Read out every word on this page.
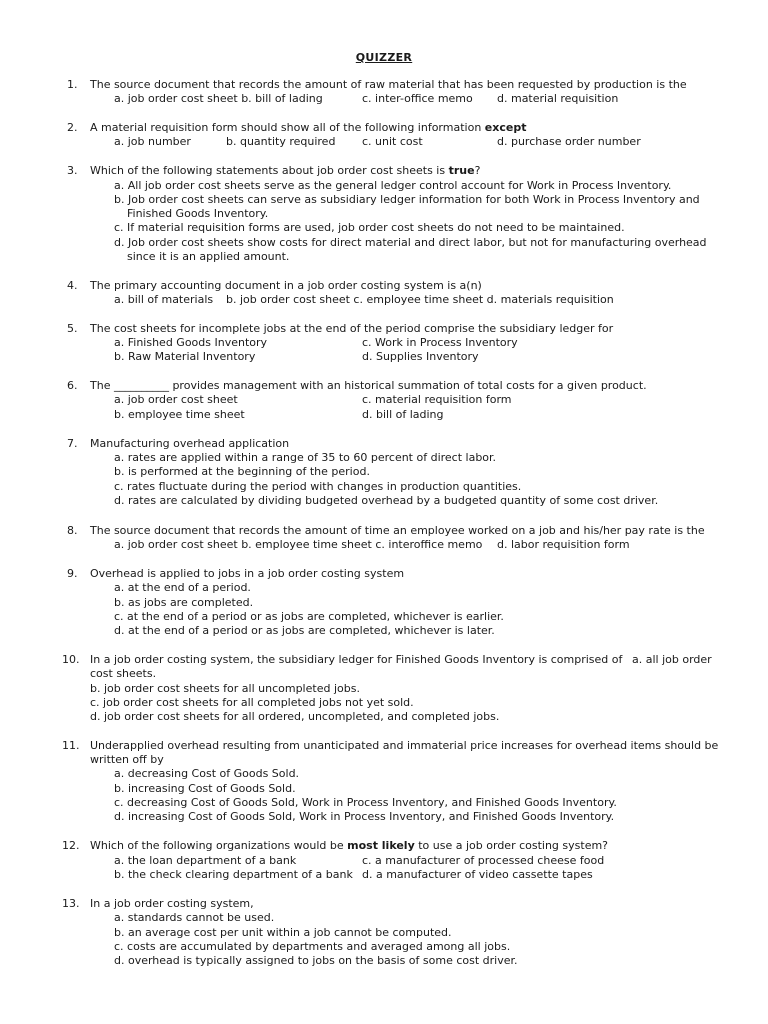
QUIZZER
1. The source document that records the amount of raw material that has been requested by production is the
a. job order cost sheet b. bill of lading	c. inter-office memo d. material requisition
2. A material requisition form should show all of the following information except
a. job number	b. quantity required c. unit cost	d. purchase order number
3. Which of the following statements about job order cost sheets is true?
a. All job order cost sheets serve as the general ledger control account for Work in Process Inventory.
b. Job order cost sheets can serve as subsidiary ledger information for both Work in Process Inventory and
Finished Goods Inventory.
c. If material requisition forms are used, job order cost sheets do not need to be maintained.
d. Job order cost sheets show costs for direct material and direct labor, but not for manufacturing overhead
since it is an applied amount.
4. The primary accounting document in a job order costing system is a(n)
a. bill of materials b. job order cost sheet c. employee time sheet d. materials requisition
5. The cost sheets for incomplete jobs at the end of the period comprise the subsidiary ledger for
a. Finished Goods Inventory	c. Work in Process Inventory
b. Raw Material Inventory	d. Supplies Inventory
6. The __________ provides management with an historical summation of total costs for a given product.
a. job order cost sheet	c. material requisition form
b. employee time sheet	d. bill of lading
7. Manufacturing overhead application
a. rates are applied within a range of 35 to 60 percent of direct labor.
b. is performed at the beginning of the period.
c. rates fluctuate during the period with changes in production quantities.
d. rates are calculated by dividing budgeted overhead by a budgeted quantity of some cost driver.
8. The source document that records the amount of time an employee worked on a job and his/her pay rate is the
a. job order cost sheet b. employee time sheet c. interoffice memo d. labor requisition form
9. Overhead is applied to jobs in a job order costing system
a. at the end of a period.
b. as jobs are completed.
c. at the end of a period or as jobs are completed, whichever is earlier.
d. at the end of a period or as jobs are completed, whichever is later.
10. In a job order costing system, the subsidiary ledger for Finished Goods Inventory is comprised of a. all job order
cost sheets.
b. job order cost sheets for all uncompleted jobs.
c. job order cost sheets for all completed jobs not yet sold.
d. job order cost sheets for all ordered, uncompleted, and completed jobs.
11. Underapplied overhead resulting from unanticipated and immaterial price increases for overhead items should be
written off by
a. decreasing Cost of Goods Sold.
b. increasing Cost of Goods Sold.
c. decreasing Cost of Goods Sold, Work in Process Inventory, and Finished Goods Inventory.
d. increasing Cost of Goods Sold, Work in Process Inventory, and Finished Goods Inventory.
12. Which of the following organizations would be most likely to use a job order costing system?
a. the loan department of a bank	c. a manufacturer of processed cheese food
b. the check clearing department of a bank d. a manufacturer of video cassette tapes
13. In a job order costing system,
a. standards cannot be used.
b. an average cost per unit within a job cannot be computed.
c. costs are accumulated by departments and averaged among all jobs.
d. overhead is typically assigned to jobs on the basis of some cost driver.
